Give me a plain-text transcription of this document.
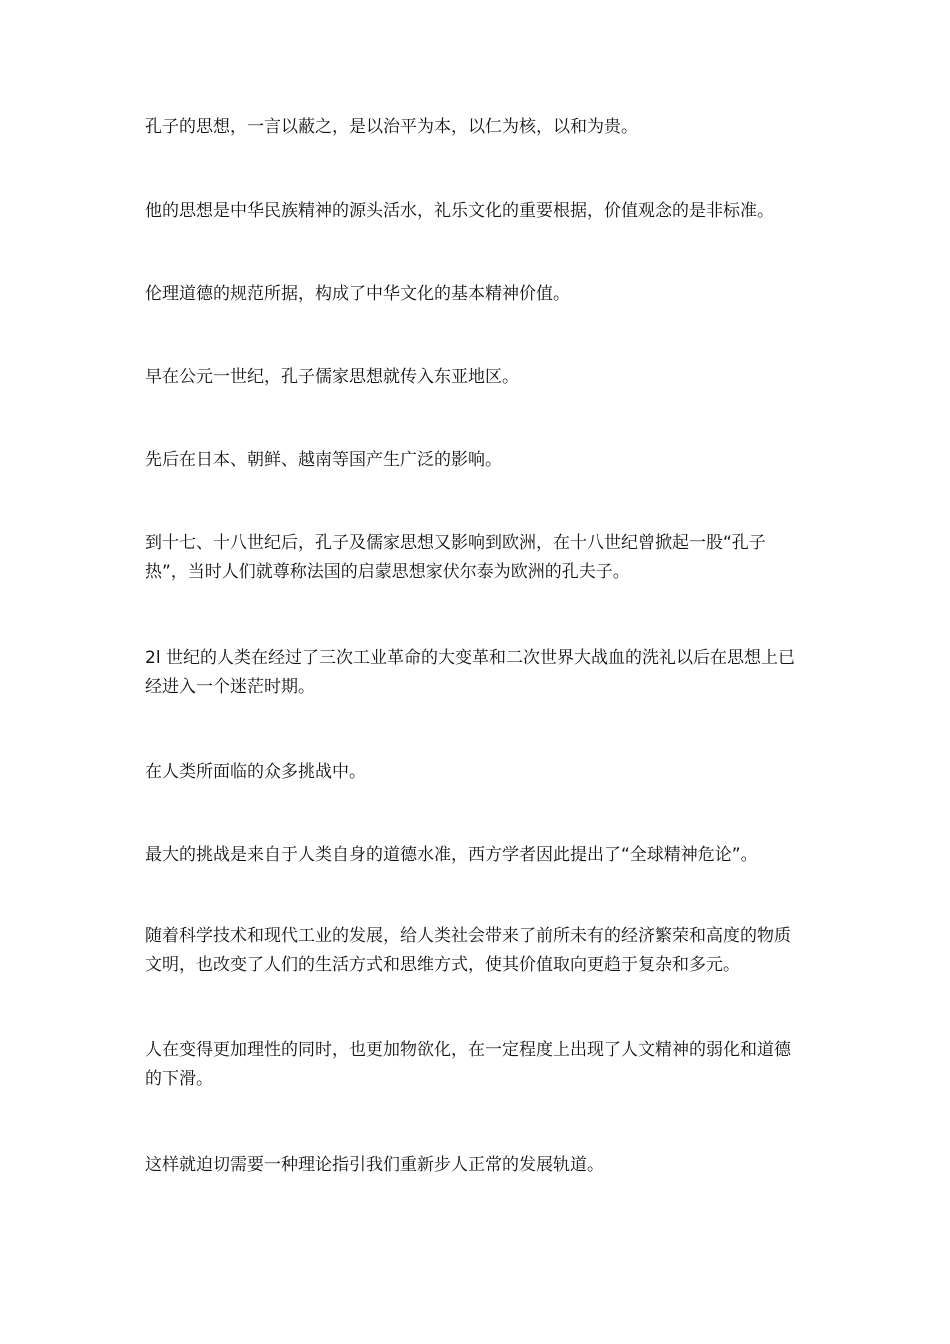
孔子的思想，一言以蔽之，是以治平为本，以仁为核，以和为贵。

他的思想是中华民族精神的源头活水，礼乐文化的重要根据，价值观念的是非标准。

伦理道德的规范所据，构成了中华文化的基本精神价值。

早在公元一世纪，孔子儒家思想就传入东亚地区。

先后在日本、朝鲜、越南等国产生广泛的影响。

到十七、十八世纪后，孔子及儒家思想又影响到欧洲，在十八世纪曾掀起一股“孔子热”，当时人们就尊称法国的启蒙思想家伏尔泰为欧洲的孔夫子。

2l 世纪的人类在经过了三次工业革命的大变革和二次世界大战血的洗礼以后在思想上已经进入一个迷茫时期。

在人类所面临的众多挑战中。

最大的挑战是来自于人类自身的道德水准，西方学者因此提出了“全球精神危论”。

随着科学技术和现代工业的发展，给人类社会带来了前所未有的经济繁荣和高度的物质文明，也改变了人们的生活方式和思维方式，使其价值取向更趋于复杂和多元。

人在变得更加理性的同时，也更加物欲化，在一定程度上出现了人文精神的弱化和道德的下滑。

这样就迫切需要一种理论指引我们重新步人正常的发展轨道。
